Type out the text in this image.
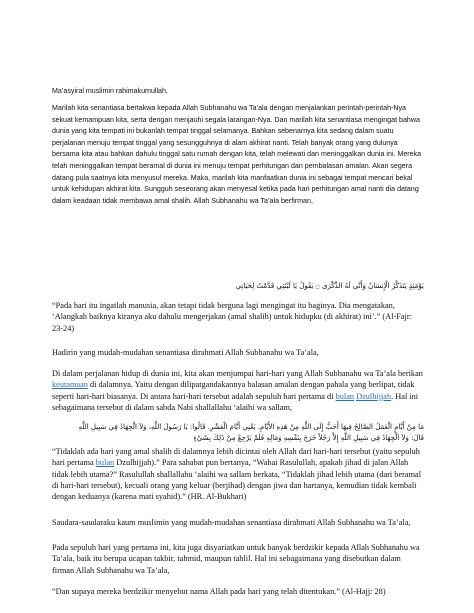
Ma’asyiral muslimin rahimakumullah,

Marilah kita senantiasa bertakwa kepada Allah Subhanahu wa Ta’ala dengan menjalankan perintah-perintah-Nya sekuat kemampuan kita, serta dengan menjauhi segala larangan-Nya. Dan marilah kita senantiasa mengingat bahwa dunia yang kita tempati ini bukanlah tempat tinggal selamanya. Bahkan sebenarnya kita sedang dalam suatu perjalanan menuju tempat tinggal yang sesungguhnya di alam akhirat nanti. Telah banyak orang yang dulunya bersama kita atau bahkan dahulu tinggal satu rumah dengan kita, telah melewati dan meninggalkan dunia ini. Mereka telah meninggalkan tempat beramal di dunia ini menuju tempat perhitungan dan pembalasan amalan. Akan segera datang pula saatnya kita menyusul mereka. Maka, marilah kita manfaatkan dunia ini sebagai tempat mencari bekal untuk kehidupan akhirat kita. Sungguh seseorang akan menyesal ketika pada hari perhitungan amal nanti dia datang dalam keadaan tidak membawa amal shalih. Allah Subhanahu wa Ta’ala berfirman,

يَوْمَئِذٍ يَتَذَكَّرُ الْإِنسَانُ وَأَنَّى لَهُ الذِّكْرَى ۝ يَقُولُ يَا لَيْتَنِي قَدَّمْتُ لِحَيَاتِي

“Pada hari itu ingatlah manusia, akan tetapi tidak berguna lagi mengingat itu baginya. Dia mengatakan, ‘Alangkah baiknya kiranya aku dahulu mengerjakan (amal shalih) untuk hidupku (di akhirat) ini’.” (Al-Fajr: 23-24)

Hadirin yang mudah-mudahan senantiasa dirahmati Allah Subhanahu wa Ta’ala,

Di dalam perjalanan hidup di dunia ini, kita akan menjumpai hari-hari yang Allah Subhanahu wa Ta’ala berikan keutamaan di dalamnya. Yaitu dengan dilipatgandakannya balasan amalan dengan pahala yang berlipat, tidak seperti hari-hari biasanya. Di antara hari-hari tersebut adalah sepuluh hari pertama di bulan Dzulhijjah. Hal ini sebagaimana tersebut di dalam sabda Nabi shallallahu ‘alaihi wa sallam,

مَا مِنْ أَيَّامٍ الْعَمَلُ الصَّالِحُ فِيهَا أَحَبُّ إِلَى اللَّهِ مِنْ هَذِهِ الأَيَّامِ. يَعْنِي أَيَّامَ الْعَشْرِ. قَالُوا: يَا رَسُولَ اللَّهِ، وَلاَ الْجِهَادُ فِي سَبِيلِ اللَّهِ
قَالَ: وَلاَ الْجِهَادُ فِي سَبِيلِ اللَّهِ إِلاَّ رَجُلاً خَرَجَ بِنَفْسِهِ وَمَالِهِ فَلَمْ يَرْجِعْ مِنْ ذَلِكَ بِشَيْءٍ

“Tidaklah ada hari yang amal shalih di dalamnya lebih dicintai oleh Allah dari hari-hari tersebut (yaitu sepuluh hari pertama bulan Dzulhijjah).” Para sahabat pun bertanya, “Wahai Rasulullah, apakah jihad di jalan Allah tidak lebih utama?” Rasulullah shallallahu ‘alaihi wa sallam berkata, “Tidaklah jihad lebih utama (dari beramal di hari-hari tersebut), kecuali orang yang keluar (berjihad) dengan jiwa dan hartanya, kemudian tidak kembali dengan keduanya (karena mati syahid).” (HR. Al-Bukhari)

Saudara-saudaraku kaum muslimin yang mudah-mudahan senantiasa dirahmati Allah Subhanahu wa Ta’ala,

Pada sepuluh hari yang pertama ini, kita juga disyariatkan untuk banyak berdzikir kepada Allah Subhanahu wa Ta’ala, baik itu berupa ucapan takbir, tahmid, maupun tahlil. Hal ini sebagaimana yang disebutkan dalam firman Allah Subhanahu wa Ta’ala,

“Dan supaya mereka berdzikir menyebut nama Allah pada hari yang telah ditentukan.” (Al-Hajj: 28)
